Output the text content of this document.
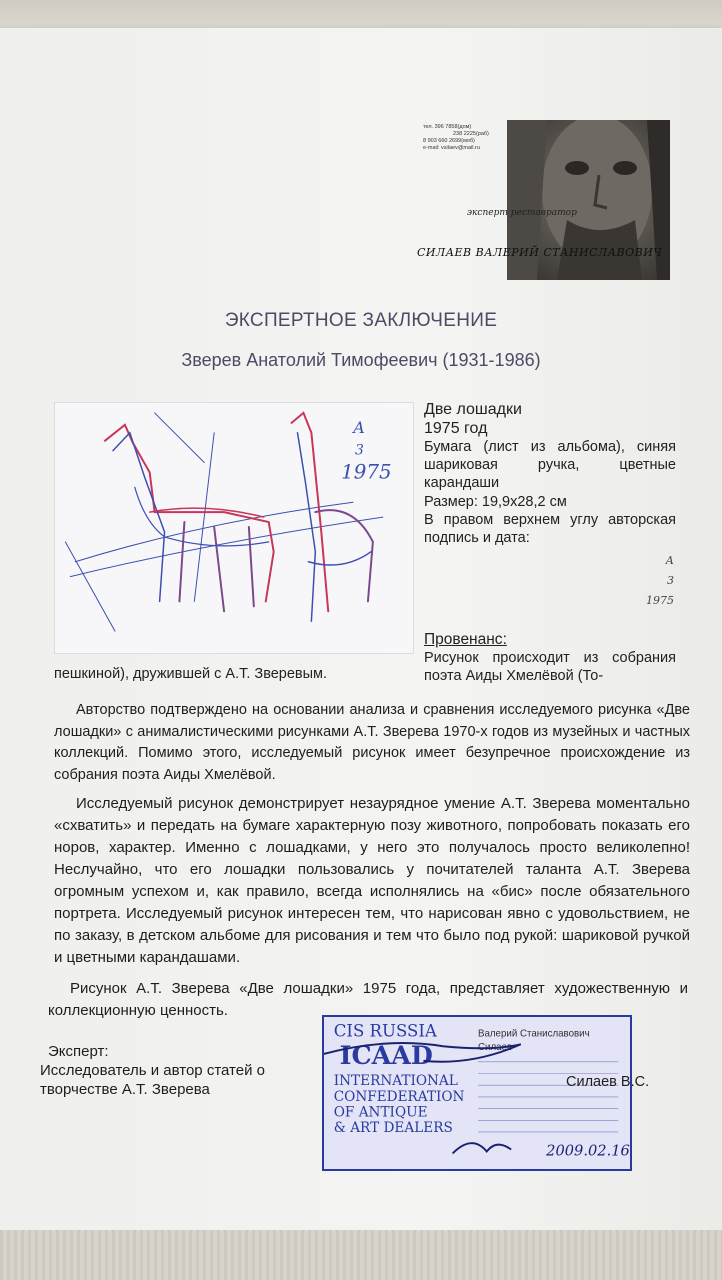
тел. 396 7858(дом)
238 2225(раб)
8 903 660 2699(моб)
e-mail: vsilaev@mail.ru
эксперт реставратор
СИЛАЕВ ВАЛЕРИЙ СТАНИСЛАВОВИЧ
ЭКСПЕРТНОЕ ЗАКЛЮЧЕНИЕ
Зверев Анатолий Тимофеевич (1931-1986)
А
3
1975
Две лошадки
1975 год
Бумага (лист из альбома), синяя шариковая ручка, цветные карандаши
Размер: 19,9х28,2 см
В правом верхнем углу авторская подпись и дата:
А
3
1975
Провенанс:
Рисунок происходит из собрания поэта Аиды Хмелёвой (То-
пешкиной), дружившей с А.Т. Зверевым.
Авторство подтверждено на основании анализа и сравнения исследуемого рисунка «Две лошадки» с анималистическими рисунками А.Т. Зверева 1970-х годов из музейных и частных коллекций. Помимо этого, исследуемый рисунок имеет безупречное происхождение из собрания поэта Аиды Хмелёвой.
Исследуемый рисунок демонстрирует незаурядное умение А.Т. Зверева моментально «схватить» и передать на бумаге характерную позу животного, попробовать показать его норов, характер. Именно с лошадками, у него это получалось просто великолепно! Неслучайно, что его лошадки пользовались у почитателей таланта А.Т. Зверева огромным успехом и, как правило, всегда исполнялись на «бис» после обязательного портрета. Исследуемый рисунок интересен тем, что нарисован явно с удовольствием, не по заказу, в детском альбоме для рисования и тем что было под рукой: шариковой ручкой и цветными карандашами.
Рисунок А.Т. Зверева «Две лошадки» 1975 года, представляет художественную и коллекционную ценность.
Эксперт:
Исследователь и автор статей о
творчестве А.Т. Зверева
CIS RUSSIA
ICAAD
INTERNATIONAL
CONFEDERATION
OF ANTIQUE
& ART DEALERS
Валерий Станиславович
Силаев
2009.02.16
Силаев В.С.
